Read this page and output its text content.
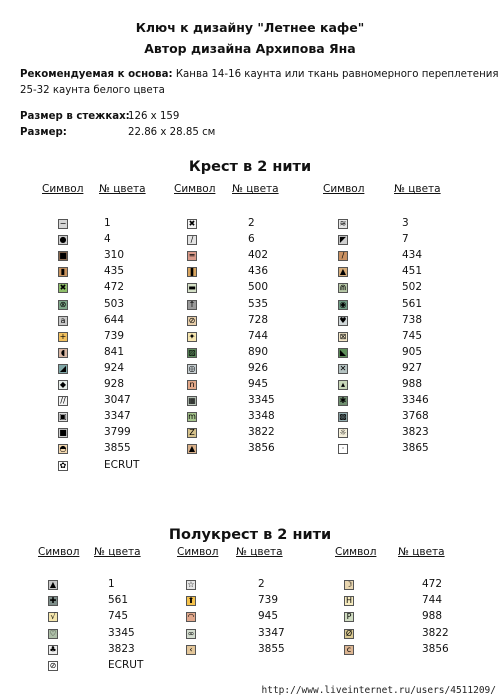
Ключ к дизайну "Летнее кафе"
Автор дизайна Архипова Яна
Рекомендуемая к основа: Канва 14-16 каунта или ткань равномерного переплетения
25-32 каунта белого цвета
Размер в стежках:
126 x 159
Размер:	22.86 x 28.85 см
Крест в 2 нити
Символ № цвета
−	1
●	4
■	310
▮	435
✖	472
⊗	503
a	644
+	739
◖	841
◢	924
◆	928
//	3047
▣	3347
■	3799
◓	3855
✿	ECRUT
Символ № цвета
✖	2
∕	6
═	402
❚	436
▬	500
↑	535
⊘	728
✦	744
▨	890
◎	926
n	945
▦	3345
m	3348
Z	3822
▲	3856
Символ	№ цвета
≋	3
◤	7
/	434
▲	451
⋒	502
◉	561
♥	738
⊠	745
◣	905
✕	927
▴	988
✱	3346
▩	3768
☼	3823
·	3865
Полукрест в 2 нити
Символ № цвета
▲	1
✚	561
√	745
♡	3345
♣	3823
⊘	ECRUT
Символ № цвета
☆	2
⬆	739
◠	945
∞	3347
‹	3855
Символ № цвета
☽	472
H	744
P	988
Ø	3822
c	3856
http://www.liveinternet.ru/users/4511209/
